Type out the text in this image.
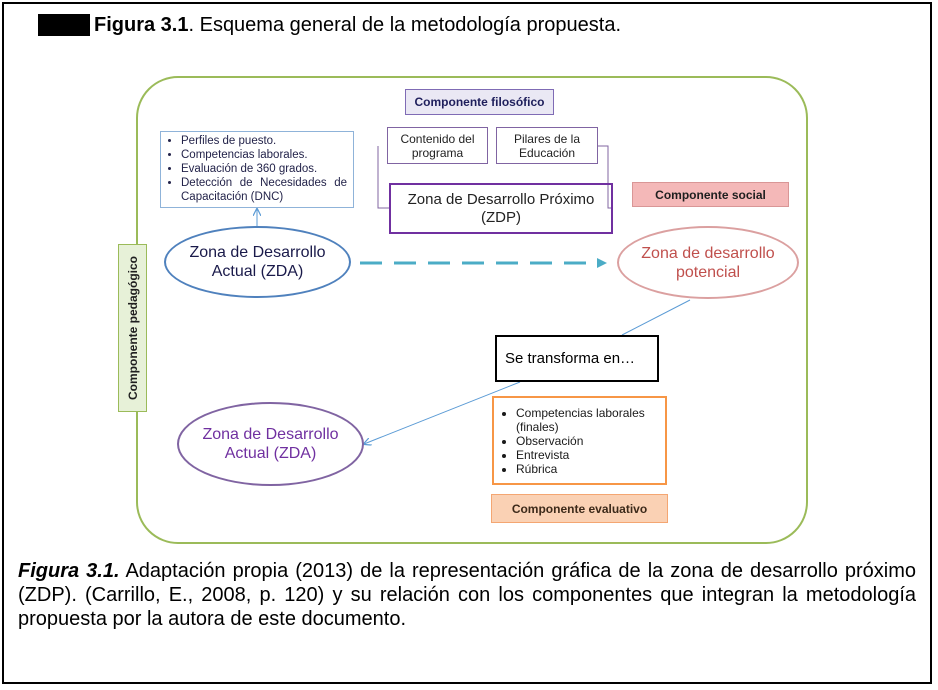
Figura 3.1 . Esquema general de la metodología propuesta.
Componente filosófico
Componente social
Componente evaluativo
Componente pedagógico
• Perfiles de puesto.
• Competencias laborales.
• Evaluación de 360 grados.
• Detección de Necesidades de Capacitación (DNC)
Contenido del programa
Pilares de la Educación
Zona de Desarrollo Próximo (ZDP)
Zona de Desarrollo Actual (ZDA)
Zona de desarrollo potencial
Zona de Desarrollo Actual (ZDA)
Se transforma en…
• Competencias laborales (finales)
• Observación
• Entrevista
• Rúbrica
Figura 3.1. Adaptación propia (2013) de la representación gráfica de la zona de desarrollo próximo (ZDP). (Carrillo, E., 2008, p. 120) y su relación con los componentes que integran la metodología propuesta por la autora de este documento.
